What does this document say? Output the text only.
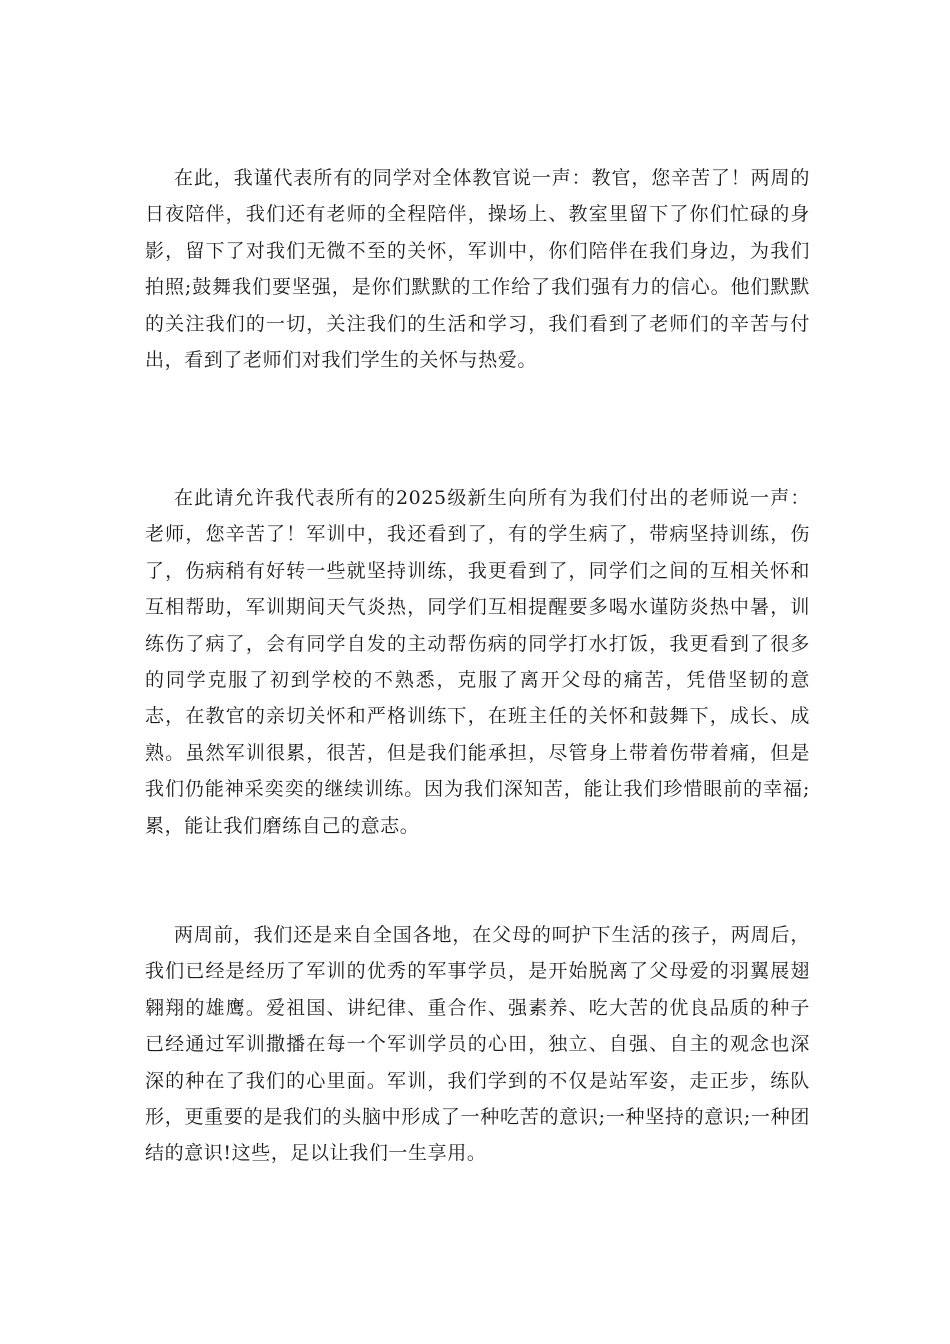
在此，我谨代表所有的同学对全体教官说一声：教官，您辛苦了！两周的日夜陪伴，我们还有老师的全程陪伴，操场上、教室里留下了你们忙碌的身影，留下了对我们无微不至的关怀，军训中，你们陪伴在我们身边，为我们拍照;鼓舞我们要坚强，是你们默默的工作给了我们强有力的信心。他们默默的关注我们的一切，关注我们的生活和学习，我们看到了老师们的辛苦与付出，看到了老师们对我们学生的关怀与热爱。

在此请允许我代表所有的2025级新生向所有为我们付出的老师说一声：老师，您辛苦了！军训中，我还看到了，有的学生病了，带病坚持训练，伤了，伤病稍有好转一些就坚持训练，我更看到了，同学们之间的互相关怀和互相帮助，军训期间天气炎热，同学们互相提醒要多喝水谨防炎热中暑，训练伤了病了，会有同学自发的主动帮伤病的同学打水打饭，我更看到了很多的同学克服了初到学校的不熟悉，克服了离开父母的痛苦，凭借坚韧的意志，在教官的亲切关怀和严格训练下，在班主任的关怀和鼓舞下，成长、成熟。虽然军训很累，很苦，但是我们能承担，尽管身上带着伤带着痛，但是我们仍能神采奕奕的继续训练。因为我们深知苦，能让我们珍惜眼前的幸福;累，能让我们磨练自己的意志。

两周前，我们还是来自全国各地，在父母的呵护下生活的孩子，两周后，我们已经是经历了军训的优秀的军事学员，是开始脱离了父母爱的羽翼展翅翱翔的雄鹰。爱祖国、讲纪律、重合作、强素养、吃大苦的优良品质的种子已经通过军训撒播在每一个军训学员的心田，独立、自强、自主的观念也深深的种在了我们的心里面。军训，我们学到的不仅是站军姿，走正步，练队形，更重要的是我们的头脑中形成了一种吃苦的意识;一种坚持的意识;一种团结的意识!这些，足以让我们一生享用。
